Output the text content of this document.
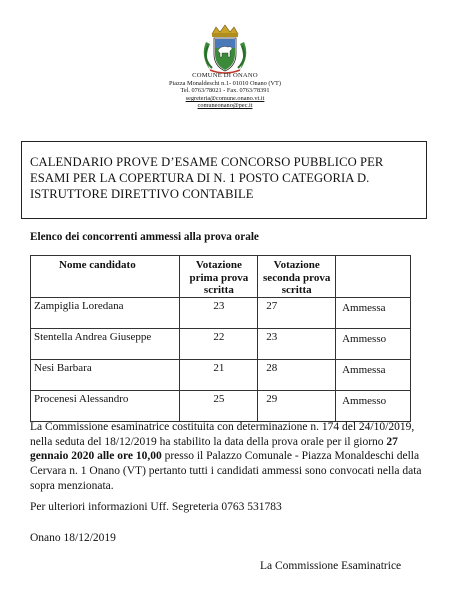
COMUNE DI ONANO
Piazza Monaldeschi n.1- 01010 Onano (VT)
Tel. 0763/78021 - Fax. 0763/78391
segreteria@comune.onano.vt.it
comuneonano@pec.it
CALENDARIO PROVE D’ESAME CONCORSO PUBBLICO PER ESAMI PER LA COPERTURA DI N. 1 POSTO CATEGORIA D. ISTRUTTORE DIRETTIVO CONTABILE
Elenco dei concorrenti ammessi alla prova orale
Nome candidato	Votazione prima prova scritta	Votazione seconda prova scritta	
Zampiglia Loredana	23	27	Ammessa
Stentella Andrea Giuseppe	22	23	Ammesso
Nesi Barbara	21	28	Ammessa
Procenesi Alessandro	25	29	Ammesso
La Commissione esaminatrice costituita con determinazione n. 174 del 24/10/2019, nella seduta del 18/12/2019 ha stabilito la data della prova orale per il giorno 27 gennaio 2020 alle ore 10,00 presso il Palazzo Comunale - Piazza Monaldeschi della Cervara n. 1 Onano (VT) pertanto tutti i candidati ammessi sono convocati nella data sopra menzionata.
Per ulteriori informazioni Uff. Segreteria 0763 531783
Onano 18/12/2019
La Commissione Esaminatrice
